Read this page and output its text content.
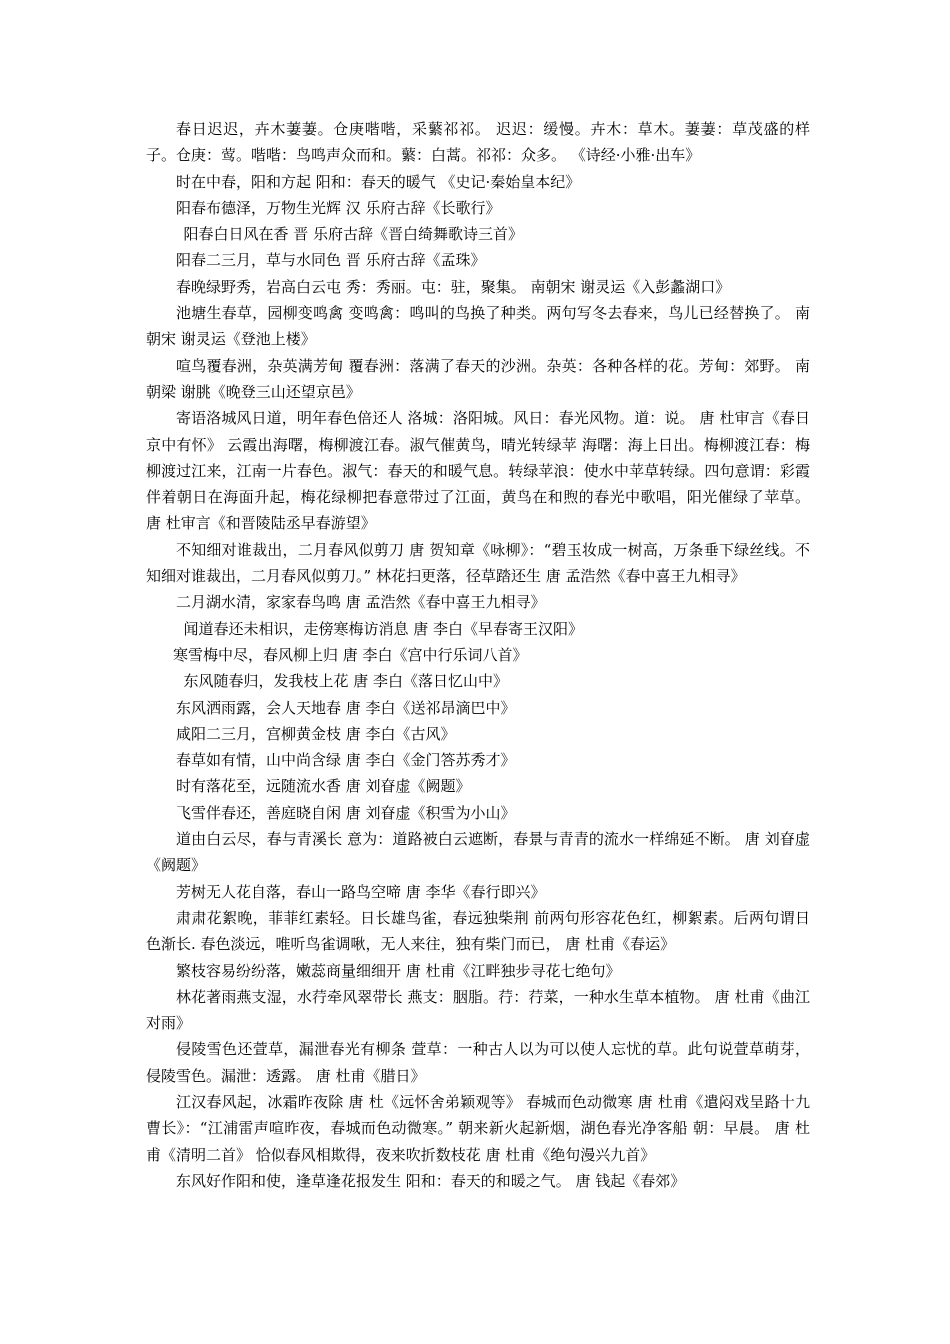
春日迟迟，卉木萋萋。仓庚喈喈，采蘩祁祁。 迟迟：缓慢。卉木：草木。萋萋：草茂盛的样子。仓庚：莺。喈喈：鸟鸣声众而和。蘩：白蒿。祁祁：众多。 《诗经·小雅·出车》

时在中春，阳和方起 阳和：春天的暖气 《史记·秦始皇本纪》

阳春布德泽，万物生光辉 汉 乐府古辞《长歌行》

阳春白日风在香 晋 乐府古辞《晋白绮舞歌诗三首》

阳春二三月，草与水同色 晋 乐府古辞《孟珠》

春晚绿野秀，岩高白云屯 秀：秀丽。屯：驻，聚集。 南朝宋 谢灵运《入彭蠡湖口》

池塘生春草，园柳变鸣禽 变鸣禽：鸣叫的鸟换了种类。两句写冬去春来，鸟儿已经替换了。 南朝宋 谢灵运《登池上楼》

喧鸟覆春洲，杂英满芳甸 覆春洲：落满了春天的沙洲。杂英：各种各样的花。芳甸：郊野。 南朝梁 谢朓《晚登三山还望京邑》

寄语洛城风日道，明年春色倍还人 洛城：洛阳城。风日：春光风物。道：说。 唐 杜审言《春日京中有怀》 云霞出海曙，梅柳渡江春。淑气催黄鸟，晴光转绿苹 海曙：海上日出。梅柳渡江春：梅柳渡过江来，江南一片春色。淑气：春天的和暖气息。转绿苹浪：使水中苹草转绿。四句意谓：彩霞伴着朝日在海面升起，梅花绿柳把春意带过了江面，黄鸟在和煦的春光中歌唱，阳光催绿了苹草。 唐 杜审言《和晋陵陆丞早春游望》

不知细对谁裁出，二月春风似剪刀 唐 贺知章《咏柳》：“碧玉妆成一树高，万条垂下绿丝线。不知细对谁裁出，二月春风似剪刀。” 林花扫更落，径草踏还生 唐 孟浩然《春中喜王九相寻》

二月湖水清，家家春鸟鸣 唐 孟浩然《春中喜王九相寻》

闻道春还未相识，走傍寒梅访消息 唐 李白《早春寄王汉阳》

寒雪梅中尽，春风柳上归 唐 李白《宫中行乐词八首》

东风随春归，发我枝上花 唐 李白《落日忆山中》

东风洒雨露，会人天地春 唐 李白《送祁昂滴巴中》

咸阳二三月，宫柳黄金枝 唐 李白《古风》

春草如有情，山中尚含绿 唐 李白《金门答苏秀才》

时有落花至，远随流水香 唐 刘眘虚《阙题》

飞雪伴春还，善庭晓自闲 唐 刘眘虚《积雪为小山》

道由白云尽，春与青溪长 意为：道路被白云遮断，春景与青青的流水一样绵延不断。 唐 刘眘虚《阙题》

芳树无人花自落，春山一路鸟空啼 唐 李华《春行即兴》

肃肃花絮晚，菲菲红素轻。日长雄鸟雀，春远独柴荆 前两句形容花色红，柳絮素。后两句谓日色渐长. 春色淡远，唯听鸟雀调啾，无人来往，独有柴门而已， 唐 杜甫《春运》

繁枝容易纷纷落，嫩蕊商量细细开 唐 杜甫《江畔独步寻花七绝句》

林花著雨燕支湿，水荇牵风翠带长 燕支：胭脂。荇：荇菜，一种水生草本植物。 唐 杜甫《曲江对雨》

侵陵雪色还萱草，漏泄春光有柳条 萱草：一种古人以为可以使人忘忧的草。此句说萱草萌芽，侵陵雪色。漏泄：透露。 唐 杜甫《腊日》

江汉春风起，冰霜昨夜除 唐 杜《远怀舍弟颖观等》 春城而色动微寒 唐 杜甫《遣闷戏呈路十九曹长》：“江浦雷声喧昨夜，春城而色动微寒。” 朝来新火起新烟，湖色春光净客船 朝：早晨。 唐 杜甫《清明二首》 恰似春风相欺得，夜来吹折数枝花 唐 杜甫《绝句漫兴九首》

东风好作阳和使，逢草逢花报发生 阳和：春天的和暖之气。 唐 钱起《春郊》
